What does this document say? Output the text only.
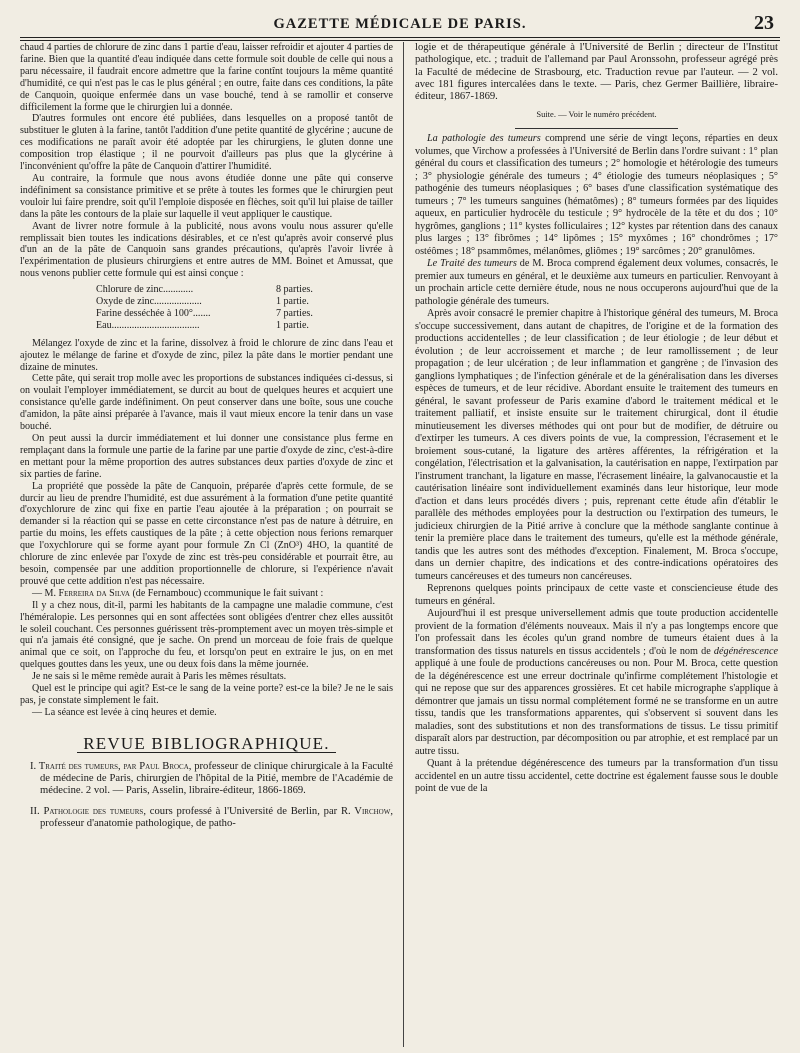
GAZETTE MÉDICALE DE PARIS.	23

chaud 4 parties de chlorure de zinc dans 1 partie d'eau, laisser refroidir et ajouter 4 parties de farine. Bien que la quantité d'eau indiquée dans cette formule soit double de celle qui nous a paru nécessaire, il faudrait encore admettre que la farine contînt toujours la même quantité d'humidité, ce qui n'est pas le cas le plus général ; en outre, faite dans ces conditions, la pâte de Canquoin, quoique enfermée dans un vase bouché, tend à se ramollir et conserve difficilement la forme que le chirurgien lui a donnée.

D'autres formules ont encore été publiées, dans lesquelles on a proposé tantôt de substituer le gluten à la farine, tantôt l'addition d'une petite quantité de glycérine ; aucune de ces modifications ne paraît avoir été adoptée par les chirurgiens, le gluten donne une composition trop élastique ; il ne pourvoit d'ailleurs pas plus que la glycérine à l'inconvénient qu'offre la pâte de Canquoin d'attirer l'humidité.

Au contraire, la formule que nous avons étudiée donne une pâte qui conserve indéfiniment sa consistance primitive et se prête à toutes les formes que le chirurgien peut vouloir lui faire prendre, soit qu'il l'emploie disposée en flèches, soit qu'il lui plaise de tailler dans la pâte les contours de la plaie sur laquelle il veut appliquer le caustique.

Avant de livrer notre formule à la publicité, nous avons voulu nous assurer qu'elle remplissait bien toutes les indications désirables, et ce n'est qu'après avoir conservé plus d'un an de la pâte de Canquoin sans grandes précautions, qu'après l'avoir livrée à l'expérimentation de plusieurs chirurgiens et entre autres de MM. Boinet et Amussat, que nous venons publier cette formule qui est ainsi conçue :

Chlorure de zinc............	8 parties.
Oxyde de zinc...................	1 partie.
Farine desséchée à 100°.......	7 parties.
Eau...................................	1 partie.

Mélangez l'oxyde de zinc et la farine, dissolvez à froid le chlorure de zinc dans l'eau et ajoutez le mélange de farine et d'oxyde de zinc, pilez la pâte dans le mortier pendant une dizaine de minutes.

Cette pâte, qui serait trop molle avec les proportions de substances indiquées ci-dessus, si on voulait l'employer immédiatement, se durcit au bout de quelques heures et acquiert une consistance qu'elle garde indéfiniment. On peut conserver dans une boîte, sous une couche d'amidon, la pâte ainsi préparée à l'avance, mais il vaut mieux encore la tenir dans un vase bouché.

On peut aussi la durcir immédiatement et lui donner une consistance plus ferme en remplaçant dans la formule une partie de la farine par une partie d'oxyde de zinc, c'est-à-dire en mettant pour la même proportion des autres substances deux parties d'oxyde de zinc et six parties de farine.

La propriété que possède la pâte de Canquoin, préparée d'après cette formule, de se durcir au lieu de prendre l'humidité, est due assurément à la formation d'une petite quantité d'oxychlorure de zinc qui fixe en partie l'eau ajoutée à la préparation ; on pourrait se demander si la réaction qui se passe en cette circonstance n'est pas de nature à détruire, en partie du moins, les effets caustiques de la pâte ; à cette objection nous ferions remarquer que l'oxychlorure qui se forme ayant pour formule Zn Cl (ZnO³) 4HO, la quantité de chlorure de zinc enlevée par l'oxyde de zinc est très-peu considérable et pourrait être, au besoin, compensée par une addition proportionnelle de chlorure, si l'expérience n'avait prouvé que cette addition n'est pas nécessaire.

— M. Ferreira da Silva (de Fernambouc) ccommunique le fait suivant :

Il y a chez nous, dit-il, parmi les habitants de la campagne une maladie commune, c'est l'héméralopie. Les personnes qui en sont affectées sont obligées d'entrer chez elles aussitôt le soleil couchant. Ces personnes guérissent très-promptement avec un moyen très-simple et qui n'a jamais été consigné, que je sache. On prend un morceau de foie frais de quelque animal que ce soit, on l'approche du feu, et lorsqu'on peut en extraire le jus, on en met quelques gouttes dans les yeux, une ou deux fois dans la même journée.

Je ne sais si le même remède aurait à Paris les mêmes résultats.

Quel est le principe qui agit? Est-ce le sang de la veine porte? est-ce la bile? Je ne le sais pas, je constate simplement le fait.

— La séance est levée à cinq heures et demie.

REVUE BIBLIOGRAPHIQUE.

I. Traité des tumeurs, par Paul Broca, professeur de clinique chirurgicale à la Faculté de médecine de Paris, chirurgien de l'hôpital de la Pitié, membre de l'Académie de médecine. 2 vol. — Paris, Asselin, libraire-éditeur, 1866-1869.

II. Pathologie des tumeurs, cours professé à l'Université de Berlin, par R. Virchow, professeur d'anatomie pathologique, de patho-

logie et de thérapeutique générale à l'Université de Berlin ; directeur de l'Institut pathologique, etc. ; traduit de l'allemand par Paul Aronssohn, professeur agrégé près la Faculté de médecine de Strasbourg, etc. Traduction revue par l'auteur. — 2 vol. avec 181 figures intercalées dans le texte. — Paris, chez Germer Baillière, libraire-éditeur, 1867-1869.

Suite. — Voir le numéro précédent.

La pathologie des tumeurs comprend une série de vingt leçons, réparties en deux volumes, que Virchow a professées à l'Université de Berlin dans l'ordre suivant : 1° plan général du cours et classification des tumeurs ; 2° homologie et hétérologie des tumeurs ; 3° physiologie générale des tumeurs ; 4° étiologie des tumeurs néoplasiques ; 5° pathogénie des tumeurs néoplasiques ; 6° bases d'une classification systématique des tumeurs ; 7° les tumeurs sanguines (hématômes) ; 8° tumeurs formées par des liquides aqueux, en particulier hydrocèle du testicule ; 9° hydrocèle de la tête et du dos ; 10° hygrômes, ganglions ; 11° kystes folliculaires ; 12° kystes par rétention dans des canaux plus larges ; 13° fibrômes ; 14° lipômes ; 15° myxômes ; 16° chondrômes ; 17° ostéômes ; 18° psammômes, mélanômes, gliômes ; 19° sarcômes ; 20° granulômes.

Le Traité des tumeurs de M. Broca comprend également deux volumes, consacrés, le premier aux tumeurs en général, et le deuxième aux tumeurs en particulier. Renvoyant à un prochain article cette dernière étude, nous ne nous occuperons aujourd'hui que de la pathologie générale des tumeurs.

Après avoir consacré le premier chapitre à l'historique général des tumeurs, M. Broca s'occupe successivement, dans autant de chapitres, de l'origine et de la formation des productions accidentelles ; de leur classification ; de leur étiologie ; de leur début et évolution ; de leur accroissement et marche ; de leur ramollissement ; de leur propagation ; de leur ulcération ; de leur inflammation et gangrène ; de l'invasion des ganglions lymphatiques ; de l'infection générale et de la généralisation dans les diverses espèces de tumeurs, et de leur récidive. Abordant ensuite le traitement des tumeurs en général, le savant professeur de Paris examine d'abord le traitement médical et le traitement palliatif, et insiste ensuite sur le traitement chirurgical, dont il étudie minutieusement les diverses méthodes qui ont pour but de modifier, de détruire ou d'extirper les tumeurs. A ces divers points de vue, la compression, l'écrasement et le broiement sous-cutané, la ligature des artères afférentes, la réfrigération et la congélation, l'électrisation et la galvanisation, la cautérisation en nappe, l'extirpation par l'instrument tranchant, la ligature en masse, l'écrasement linéaire, la galvanocaustie et la cautérisation linéaire sont individuellement examinés dans leur historique, leur mode d'action et dans leurs procédés divers ; puis, reprenant cette étude afin d'établir le parallèle des méthodes employées pour la destruction ou l'extirpation des tumeurs, le judicieux chirurgien de la Pitié arrive à conclure que la méthode sanglante continue à tenir la première place dans le traitement des tumeurs, qu'elle est la méthode générale, tandis que les autres sont des méthodes d'exception. Finalement, M. Broca s'occupe, dans un dernier chapitre, des indications et des contre-indications opératoires des tumeurs cancéreuses et des tumeurs non cancéreuses.

Reprenons quelques points principaux de cette vaste et consciencieuse étude des tumeurs en général.

Aujourd'hui il est presque universellement admis que toute production accidentelle provient de la formation d'éléments nouveaux. Mais il n'y a pas longtemps encore que l'on professait dans les écoles qu'un grand nombre de tumeurs étaient dues à la transformation des tissus naturels en tissus accidentels ; d'où le nom de dégénérescence appliqué à une foule de productions cancéreuses ou non. Pour M. Broca, cette question de la dégénérescence est une erreur doctrinale qu'infirme complétement l'histologie et qui ne repose que sur des apparences grossières. Et cet habile micrographe s'applique à démontrer que jamais un tissu normal complétement formé ne se transforme en un autre tissu, tandis que les transformations apparentes, qui s'observent si souvent dans les maladies, sont des substitutions et non des transformations de tissus. Le tissu primitif disparaît alors par destruction, par décomposition ou par atrophie, et est remplacé par un autre tissu.

Quant à la prétendue dégénérescence des tumeurs par la transformation d'un tissu accidentel en un autre tissu accidentel, cette doctrine est également fausse sous le double point de vue de la
